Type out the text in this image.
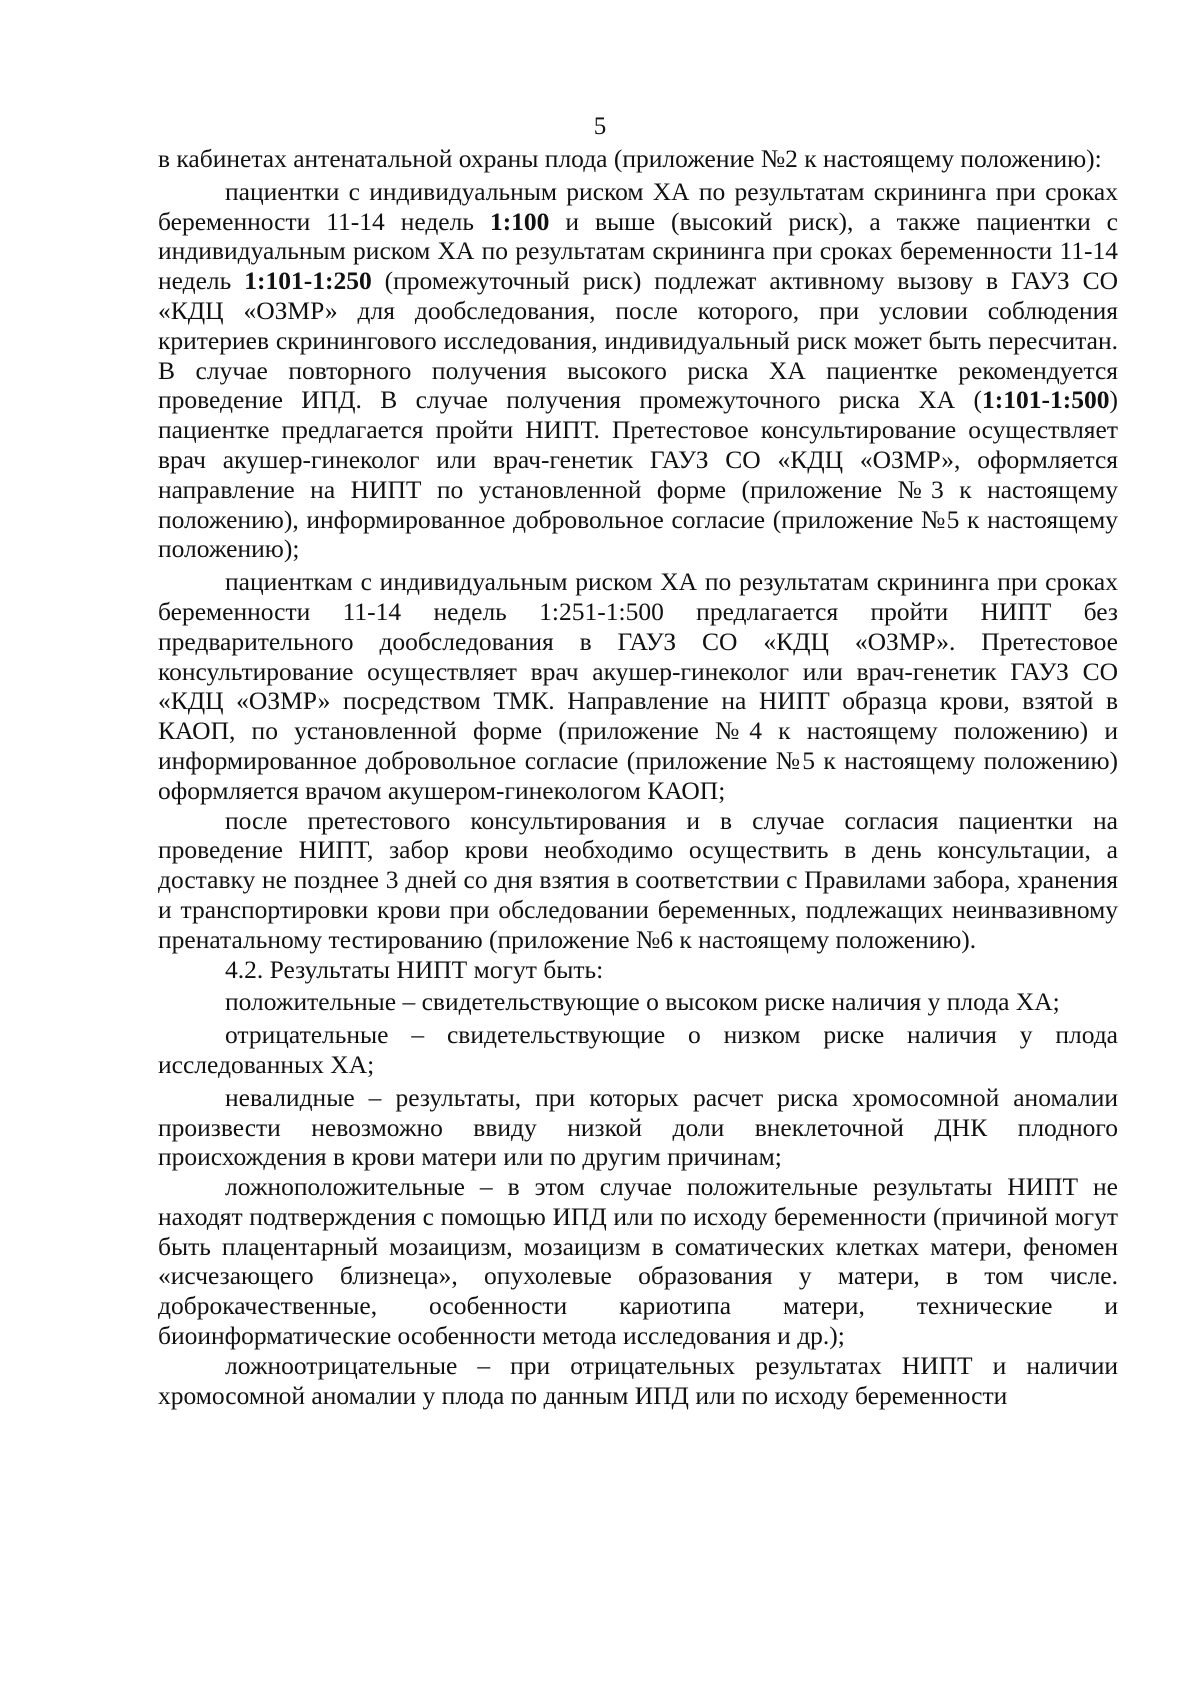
5

в кабинетах антенатальной охраны плода (приложение №2 к настоящему положению):

пациентки с индивидуальным риском ХА по результатам скрининга при сроках беременности 11-14 недель 1:100 и выше (высокий риск), а также пациентки с индивидуальным риском ХА по результатам скрининга при сроках беременности 11-14 недель 1:101-1:250 (промежуточный риск) подлежат активному вызову в ГАУЗ СО «КДЦ «ОЗМР» для дообследования, после которого, при условии соблюдения критериев скринингового исследования, индивидуальный риск может быть пересчитан. В случае повторного получения высокого риска ХА пациентке рекомендуется проведение ИПД. В случае получения промежуточного риска ХА (1:101-1:500) пациентке предлагается пройти НИПТ. Претестовое консультирование осуществляет врач акушер-гинеколог или врач-генетик ГАУЗ СО «КДЦ «ОЗМР», оформляется направление на НИПТ по установленной форме (приложение №3 к настоящему положению), информированное добровольное согласие (приложение №5 к настоящему положению);

пациенткам с индивидуальным риском ХА по результатам скрининга при сроках беременности 11-14 недель 1:251-1:500 предлагается пройти НИПТ без предварительного дообследования в ГАУЗ СО «КДЦ «ОЗМР». Претестовое консультирование осуществляет врач акушер-гинеколог или врач-генетик ГАУЗ СО «КДЦ «ОЗМР» посредством ТМК. Направление на НИПТ образца крови, взятой в КАОП, по установленной форме (приложение №4 к настоящему положению) и информированное добровольное согласие (приложение №5 к настоящему положению) оформляется врачом акушером-гинекологом КАОП;

после претестового консультирования и в случае согласия пациентки на проведение НИПТ, забор крови необходимо осуществить в день консультации, а доставку не позднее 3 дней со дня взятия в соответствии с Правилами забора, хранения и транспортировки крови при обследовании беременных, подлежащих неинвазивному пренатальному тестированию (приложение №6 к настоящему положению).

4.2. Результаты НИПТ могут быть:

положительные – свидетельствующие о высоком риске наличия у плода ХА;

отрицательные – свидетельствующие о низком риске наличия у плода исследованных ХА;

невалидные – результаты, при которых расчет риска хромосомной аномалии произвести невозможно ввиду низкой доли внеклеточной ДНК плодного происхождения в крови матери или по другим причинам;

ложноположительные – в этом случае положительные результаты НИПТ не находят подтверждения с помощью ИПД или по исходу беременности (причиной могут быть плацентарный мозаицизм, мозаицизм в соматических клетках матери, феномен «исчезающего близнеца», опухолевые образования у матери, в том числе. доброкачественные, особенности кариотипа матери, технические и биоинформатические особенности метода исследования и др.);

ложноотрицательные – при отрицательных результатах НИПТ и наличии хромосомной аномалии у плода по данным ИПД или по исходу беременности
